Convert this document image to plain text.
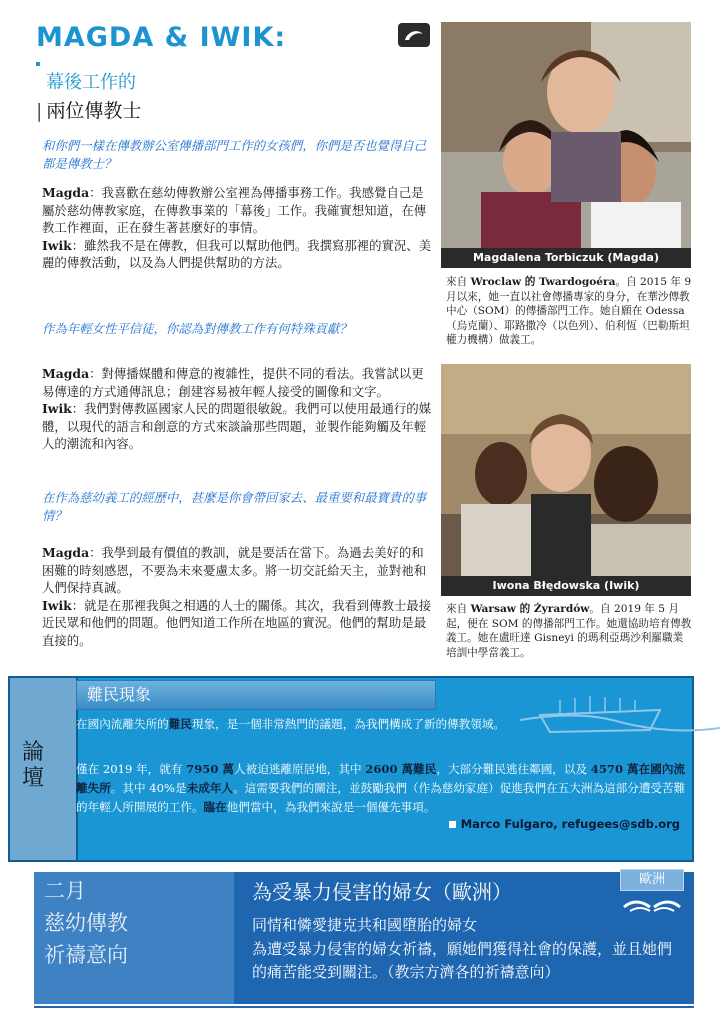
MAGDA & IWIK:
幕後工作的
| 兩位傳教士
和你們一樣在傳教辦公室傳播部門工作的女孩們，你們是否也覺得自己都是傳教士？
Magda：我喜歡在慈幼傳教辦公室裡為傳播事務工作。我感覺自己是屬於慈幼傳教家庭，在傳教事業的「幕後」工作。我確實想知道，在傳教工作裡面，正在發生著甚麼好的事情。
Iwik：雖然我不是在傳教，但我可以幫助他們。我撰寫那裡的實況、美麗的傳教活動，以及為人們提供幫助的方法。
作為年輕女性平信徒，你認為對傳教工作有何特殊貢獻？
Magda：對傳播媒體和傳意的複雜性，提供不同的看法。我嘗試以更易傳達的方式通傳訊息；創建容易被年輕人接受的圖像和文字。
Iwik：我們對傳教區國家人民的問題很敏銳。我們可以使用最通行的媒體，以現代的語言和創意的方式來談論那些問題，並製作能夠觸及年輕人的潮流和內容。
在作為慈幼義工的經歷中，甚麼是你會帶回家去、最重要和最寶貴的事情？
Magda：我學到最有價值的教訓，就是要活在當下。為過去美好的和困難的時刻感恩，不要為未來憂慮太多。將一切交託給天主，並對祂和人們保持真誠。
Iwik：就是在那裡我與之相遇的人士的關係。其次，我看到傳教士最接近民眾和他們的問題。他們知道工作所在地區的實況。他們的幫助是最直接的。
Magdalena Torbiczuk (Magda)
來自 Wroclaw 的 Twardogoéra。自 2015 年 9 月以來，她一直以社會傳播專家的身分，在華沙傳教中心（SOM）的傳播部門工作。她自願在 Odessa（烏克蘭）、耶路撒冷（以色列）、伯利恆（巴勒斯坦權力機構）做義工。
Iwona Błędowska (Iwik)
來自 Warsaw 的 Żyrardów。自 2019 年 5 月起，便在 SOM 的傳播部門工作。她還協助培育傳教義工。她在盧旺達 Gisneyi 的瑪利亞瑪沙利羅職業培訓中學當義工。
論壇
難民現象
在國內流離失所的難民現象，是一個非常熱門的議題，為我們構成了新的傳教領域。
僅在 2019 年，就有 7950 萬人被迫逃離原居地，其中 2600 萬難民，大部分難民逃往鄰國，以及 4570 萬在國內流離失所。其中 40%是未成年人。這需要我們的關注，並鼓勵我們（作為慈幼家庭）促進我們在五大洲為這部分遭受苦難的年輕人所開展的工作。臨在他們當中，為我們來說是一個優先事項。
Marco Fulgaro, refugees@sdb.org
二月
慈幼傳教
祈禱意向
為受暴力侵害的婦女（歐洲）
同情和憐愛捷克共和國墮胎的婦女
為遭受暴力侵害的婦女祈禱，願她們獲得社會的保護，並且她們的痛苦能受到關注。（教宗方濟各的祈禱意向）
歐洲
